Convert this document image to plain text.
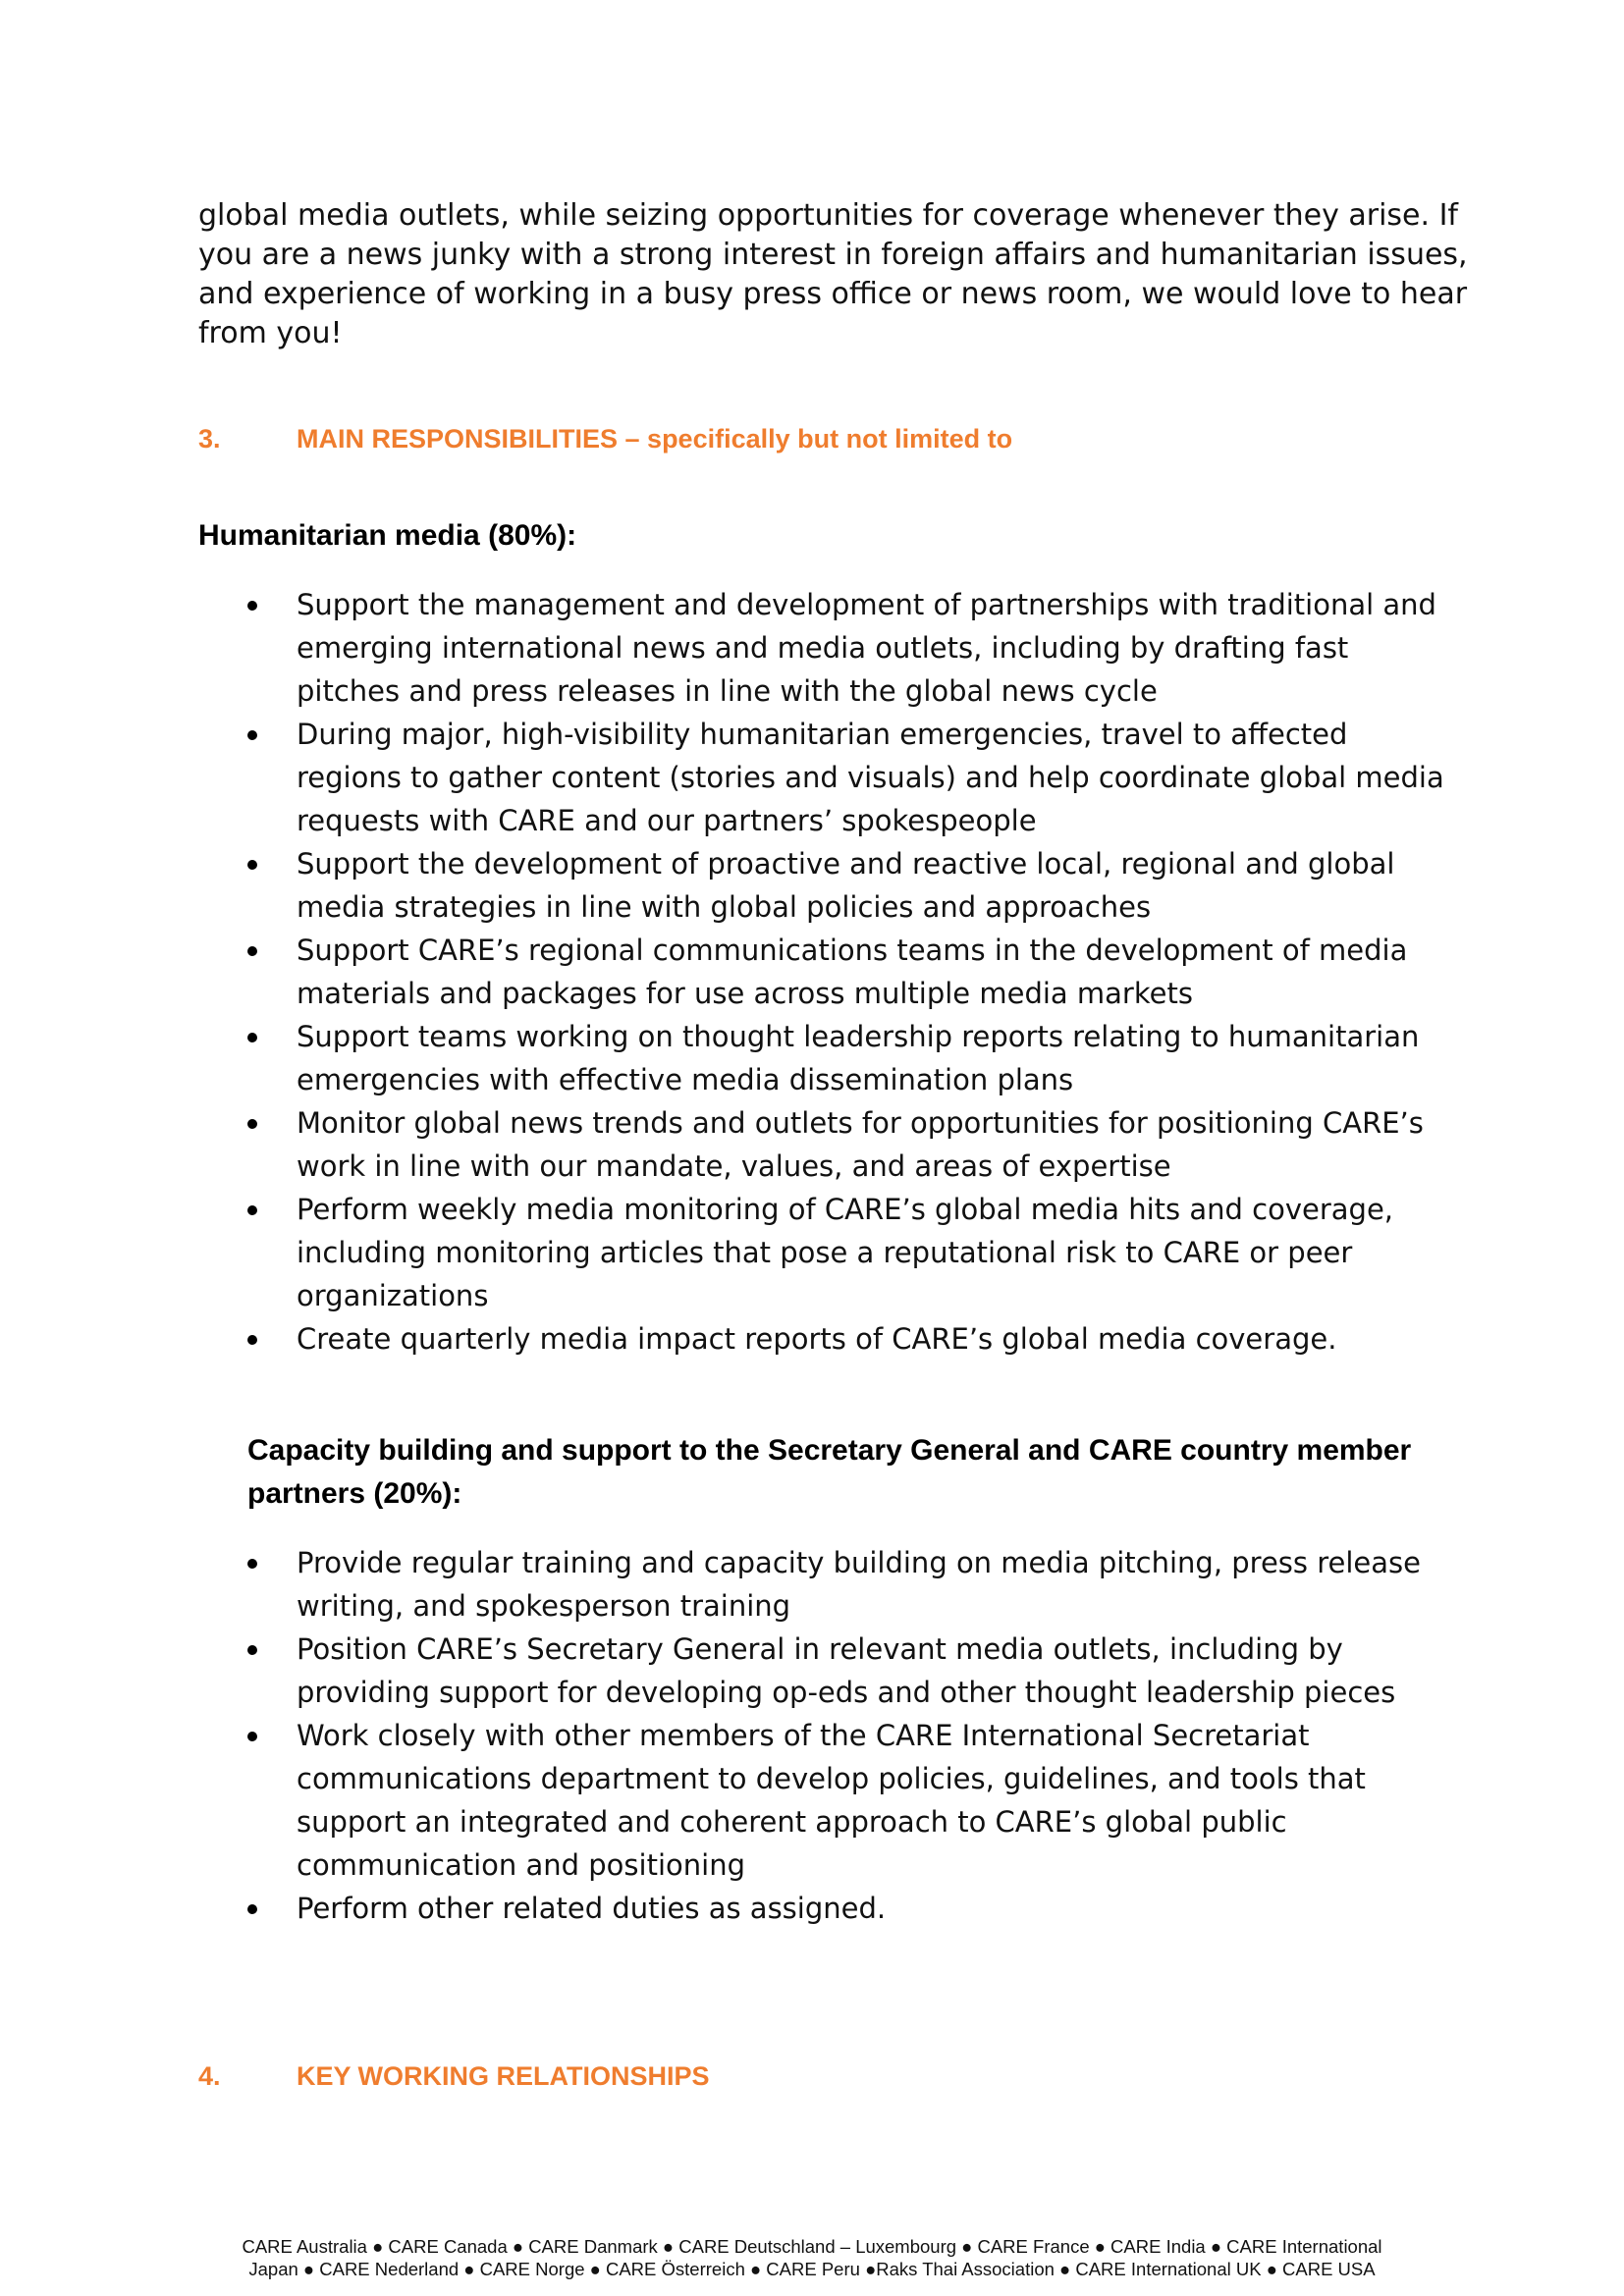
global media outlets, while seizing opportunities for coverage whenever they arise. If you are a news junky with a strong interest in foreign affairs and humanitarian issues, and experience of working in a busy press office or news room, we would love to hear from you!

3.	MAIN RESPONSIBILITIES – specifically but not limited to
Humanitarian media (80%):
Support the management and development of partnerships with traditional and emerging international news and media outlets, including by drafting fast pitches and press releases in line with the global news cycle
During major, high-visibility humanitarian emergencies, travel to affected regions to gather content (stories and visuals) and help coordinate global media requests with CARE and our partners’ spokespeople
Support the development of proactive and reactive local, regional and global media strategies in line with global policies and approaches
Support CARE’s regional communications teams in the development of media materials and packages for use across multiple media markets
Support teams working on thought leadership reports relating to humanitarian emergencies with effective media dissemination plans
Monitor global news trends and outlets for opportunities for positioning CARE’s work in line with our mandate, values, and areas of expertise
Perform weekly media monitoring of CARE’s global media hits and coverage, including monitoring articles that pose a reputational risk to CARE or peer organizations
Create quarterly media impact reports of CARE’s global media coverage.
Capacity building and support to the Secretary General and CARE country member partners (20%):
Provide regular training and capacity building on media pitching, press release writing, and spokesperson training
Position CARE’s Secretary General in relevant media outlets, including by providing support for developing op-eds and other thought leadership pieces
Work closely with other members of the CARE International Secretariat communications department to develop policies, guidelines, and tools that support an integrated and coherent approach to CARE’s global public communication and positioning
Perform other related duties as assigned.
4.	KEY WORKING RELATIONSHIPS
CARE Australia ● CARE Canada ● CARE Danmark ● CARE Deutschland – Luxembourg ● CARE France ● CARE India ● CARE International
Japan ● CARE Nederland ● CARE Norge ● CARE Österreich ● CARE Peru ●Raks Thai Association ● CARE International UK ● CARE USA
